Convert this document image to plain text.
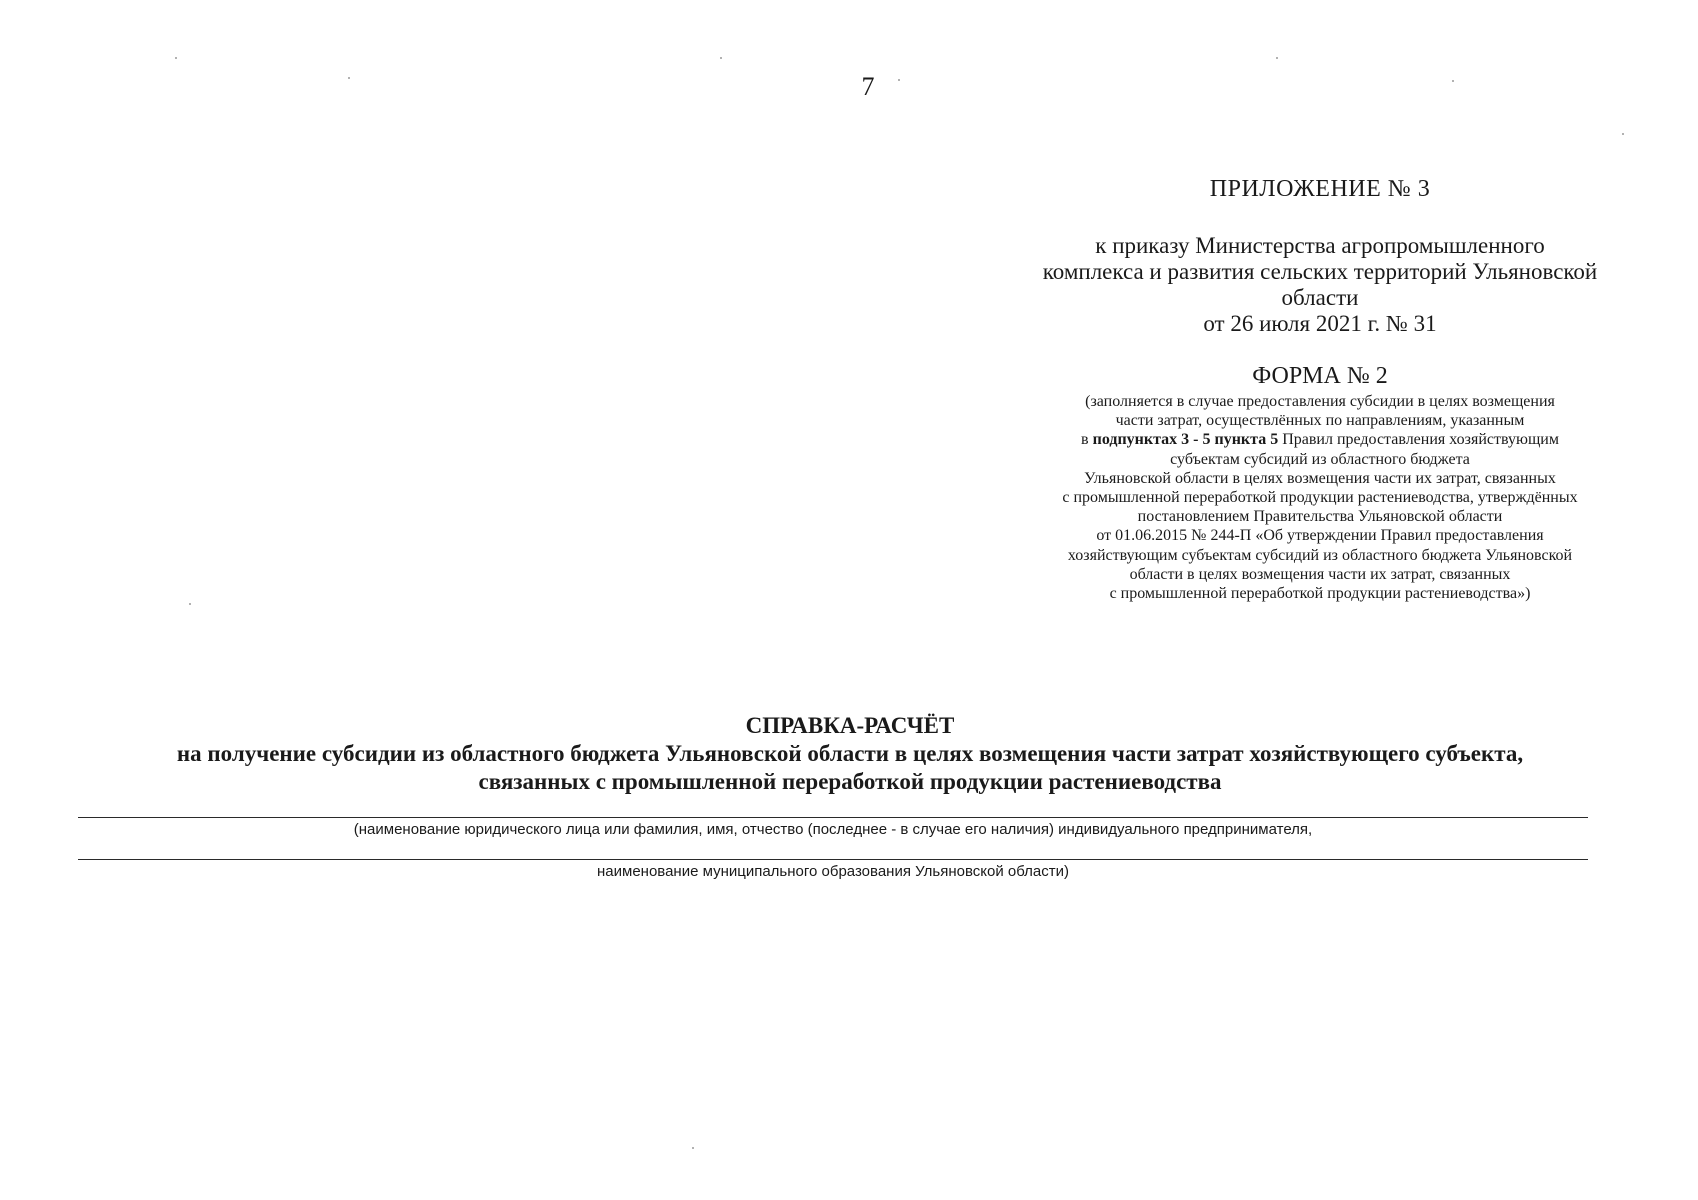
7
ПРИЛОЖЕНИЕ № 3
к приказу Министерства агропромышленного
комплекса и развития сельских территорий Ульяновской
области
от 26 июля 2021 г. № 31
ФОРМА № 2
(заполняется в случае предоставления субсидии в целях возмещения
части затрат, осуществлённых по направлениям, указанным
в подпунктах 3 - 5 пункта 5 Правил предоставления хозяйствующим
субъектам субсидий из областного бюджета
Ульяновской области в целях возмещения части их затрат, связанных
с промышленной переработкой продукции растениеводства, утверждённых
постановлением Правительства Ульяновской области
от 01.06.2015 № 244-П «Об утверждении Правил предоставления
хозяйствующим субъектам субсидий из областного бюджета Ульяновской
области в целях возмещения части их затрат, связанных
с промышленной переработкой продукции растениеводства»)
СПРАВКА-РАСЧЁТ
на получение субсидии из областного бюджета Ульяновской области в целях возмещения части затрат хозяйствующего субъекта,
связанных с промышленной переработкой продукции растениеводства
(наименование юридического лица или фамилия, имя, отчество (последнее - в случае его наличия) индивидуального предпринимателя,
наименование муниципального образования Ульяновской области)
